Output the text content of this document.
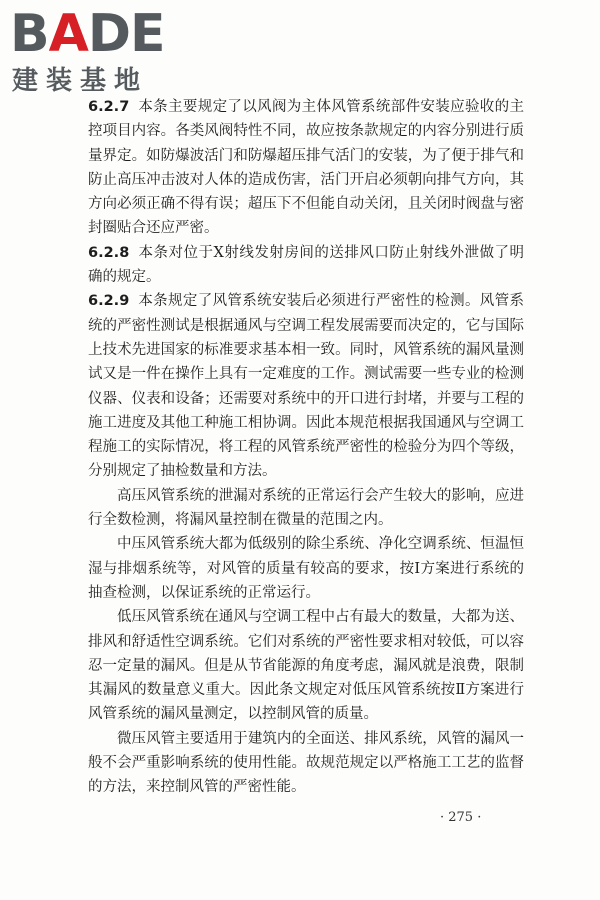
BADE
建装基地

6.2.7 本条主要规定了以风阀为主体风管系统部件安装应验收的主控项目内容。各类风阀特性不同，故应按条款规定的内容分别进行质量界定。如防爆波活门和防爆超压排气活门的安装，为了便于排气和防止高压冲击波对人体的造成伤害，活门开启必须朝向排气方向，其方向必须正确不得有误；超压下不但能自动关闭，且关闭时阀盘与密封圈贴合还应严密。

6.2.8 本条对位于X射线发射房间的送排风口防止射线外泄做了明确的规定。

6.2.9 本条规定了风管系统安装后必须进行严密性的检测。风管系统的严密性测试是根据通风与空调工程发展需要而决定的，它与国际上技术先进国家的标准要求基本相一致。同时，风管系统的漏风量测试又是一件在操作上具有一定难度的工作。测试需要一些专业的检测仪器、仪表和设备；还需要对系统中的开口进行封堵，并要与工程的施工进度及其他工种施工相协调。因此本规范根据我国通风与空调工程施工的实际情况，将工程的风管系统严密性的检验分为四个等级，分别规定了抽检数量和方法。

高压风管系统的泄漏对系统的正常运行会产生较大的影响，应进行全数检测，将漏风量控制在微量的范围之内。

中压风管系统大都为低级别的除尘系统、净化空调系统、恒温恒湿与排烟系统等，对风管的质量有较高的要求，按Ⅰ方案进行系统的抽查检测，以保证系统的正常运行。

低压风管系统在通风与空调工程中占有最大的数量，大都为送、排风和舒适性空调系统。它们对系统的严密性要求相对较低，可以容忍一定量的漏风。但是从节省能源的角度考虑，漏风就是浪费，限制其漏风的数量意义重大。因此条文规定对低压风管系统按Ⅱ方案进行风管系统的漏风量测定，以控制风管的质量。

微压风管主要适用于建筑内的全面送、排风系统，风管的漏风一般不会严重影响系统的使用性能。故规范规定以严格施工工艺的监督的方法，来控制风管的严密性能。

· 275 ·
